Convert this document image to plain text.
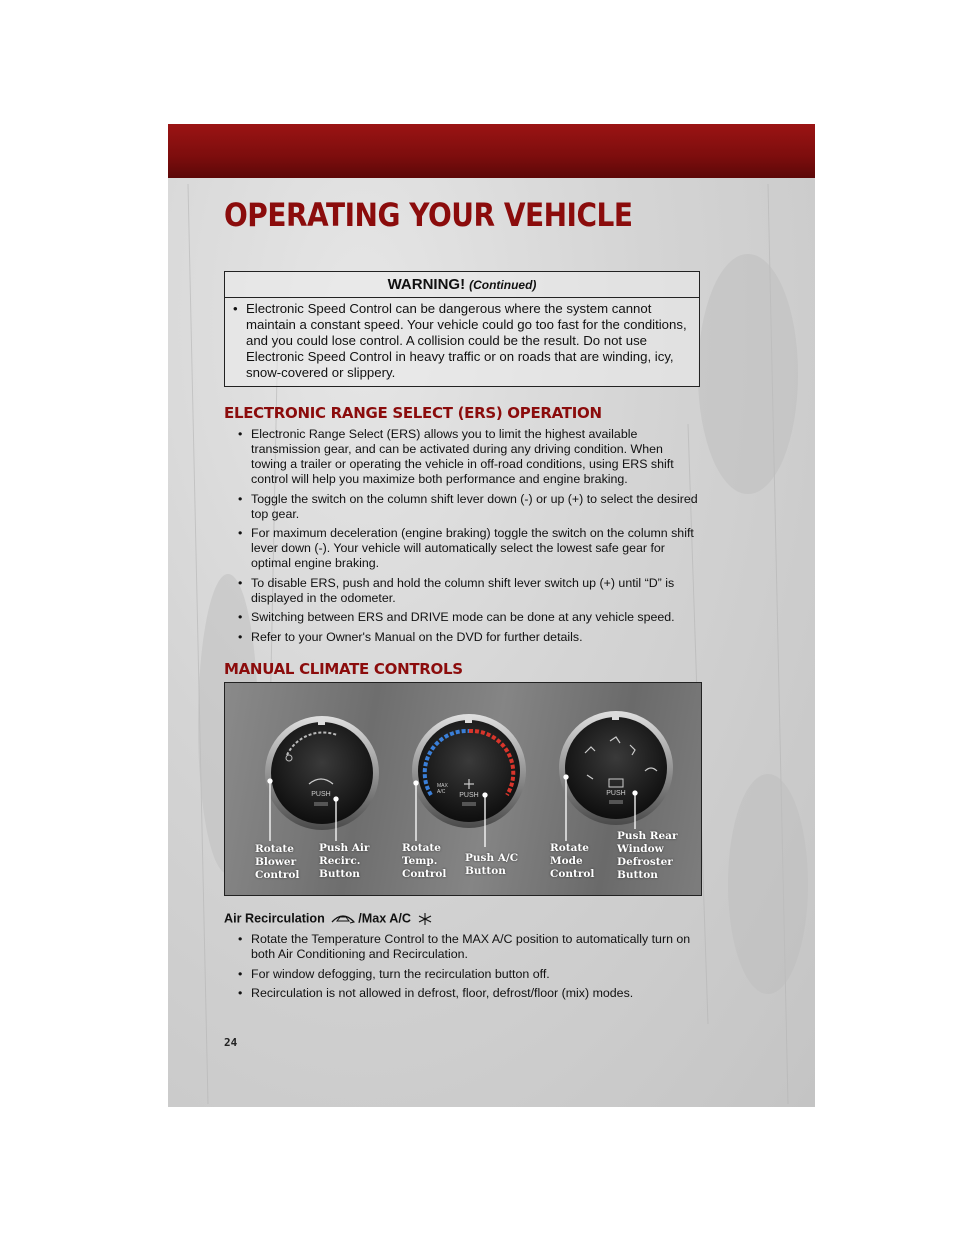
OPERATING YOUR VEHICLE
WARNING! (Continued)
• Electronic Speed Control can be dangerous where the system cannot maintain a constant speed. Your vehicle could go too fast for the conditions, and you could lose control. A collision could be the result. Do not use Electronic Speed Control in heavy traffic or on roads that are winding, icy, snow-covered or slippery.
ELECTRONIC RANGE SELECT (ERS) OPERATION
• Electronic Range Select (ERS) allows you to limit the highest available transmission gear, and can be activated during any driving condition. When towing a trailer or operating the vehicle in off-road conditions, using ERS shift control will help you maximize both performance and engine braking.
• Toggle the switch on the column shift lever down (-) or up (+) to select the desired top gear.
• For maximum deceleration (engine braking) toggle the switch on the column shift lever down (-). Your vehicle will automatically select the lowest safe gear for optimal engine braking.
• To disable ERS, push and hold the column shift lever switch up (+) until “D” is displayed in the odometer.
• Switching between ERS and DRIVE mode can be done at any vehicle speed.
• Refer to your Owner's Manual on the DVD for further details.
MANUAL CLIMATE CONTROLS
PUSH
MAX A/C	PUSH	PUSH
Rotate
Blower
Control
Push Air
Recirc.
Button
Rotate
Temp.
Control
Push A/C
Button
Rotate
Mode
Control
Push Rear
Window
Defroster
Button
Air Recirculation	/Max A/C
• Rotate the Temperature Control to the MAX A/C position to automatically turn on both Air Conditioning and Recirculation.
• For window defogging, turn the recirculation button off.
• Recirculation is not allowed in defrost, floor, defrost/floor (mix) modes.
24
